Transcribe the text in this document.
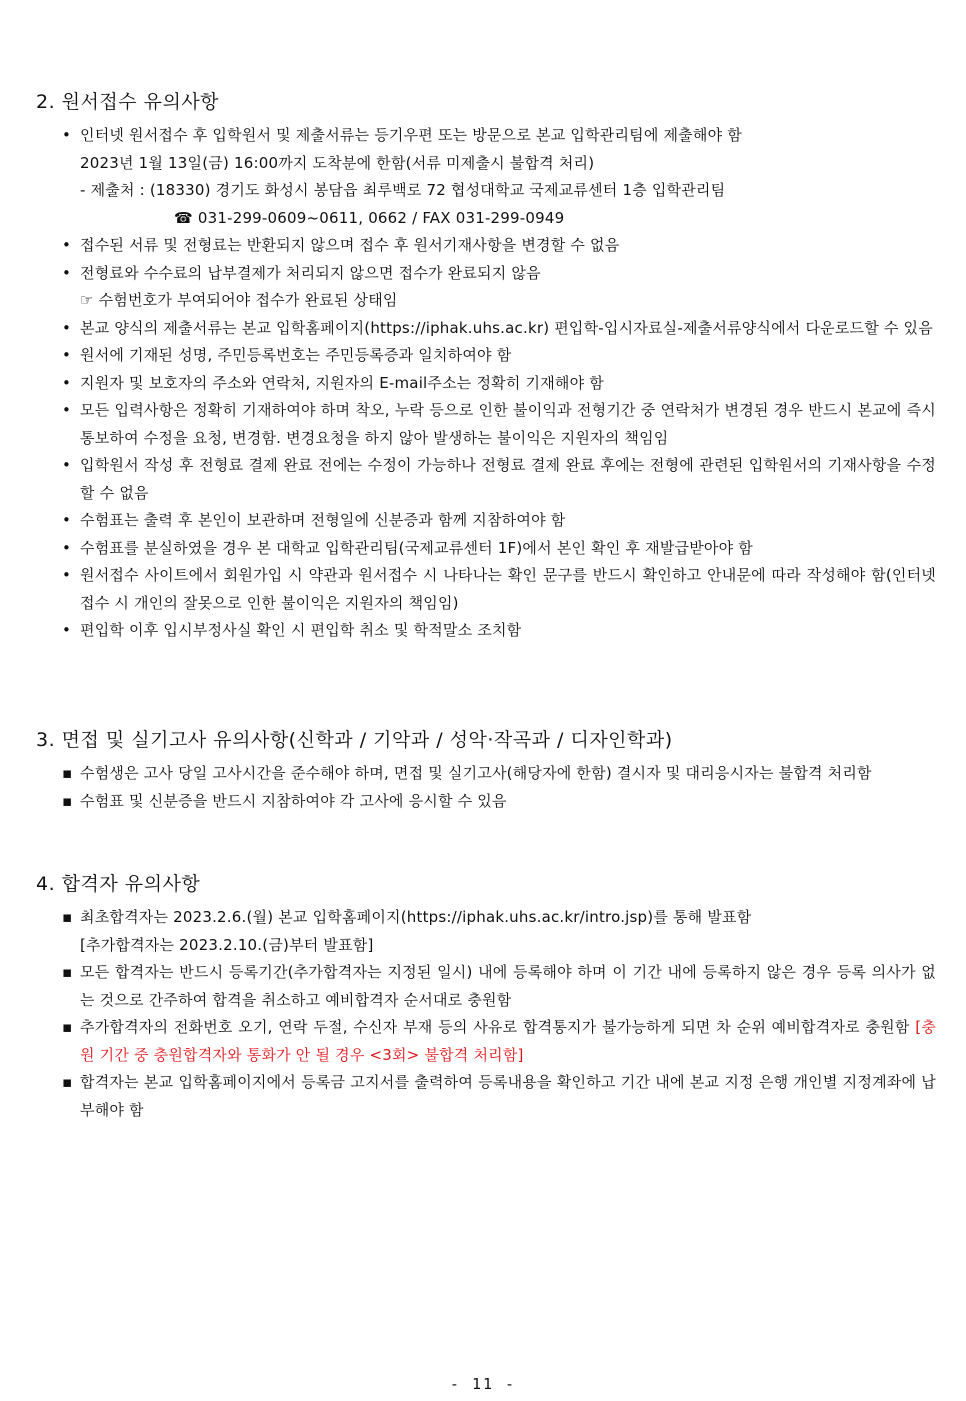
2. 원서접수 유의사항
• 인터넷 원서접수 후 입학원서 및 제출서류는 등기우편 또는 방문으로 본교 입학관리팀에 제출해야 함
2023년 1월 13일(금) 16:00까지 도착분에 한함(서류 미제출시 불합격 처리)
- 제출처 : (18330) 경기도 화성시 봉담읍 최루백로 72 협성대학교 국제교류센터 1층 입학관리팀
☎ 031-299-0609~0611, 0662 / FAX 031-299-0949
• 접수된 서류 및 전형료는 반환되지 않으며 접수 후 원서기재사항을 변경할 수 없음
• 전형료와 수수료의 납부결제가 처리되지 않으면 접수가 완료되지 않음
☞ 수험번호가 부여되어야 접수가 완료된 상태임
• 본교 양식의 제출서류는 본교 입학홈페이지(https://iphak.uhs.ac.kr) 편입학-입시자료실-제출서류양식에서 다운로드할 수 있음
• 원서에 기재된 성명, 주민등록번호는 주민등록증과 일치하여야 함
• 지원자 및 보호자의 주소와 연락처, 지원자의 E-mail주소는 정확히 기재해야 함
• 모든 입력사항은 정확히 기재하여야 하며 착오, 누락 등으로 인한 불이익과 전형기간 중 연락처가 변경된 경우 반드시 본교에 즉시 통보하여 수정을 요청, 변경함. 변경요청을 하지 않아 발생하는 불이익은 지원자의 책임임
• 입학원서 작성 후 전형료 결제 완료 전에는 수정이 가능하나 전형료 결제 완료 후에는 전형에 관련된 입학원서의 기재사항을 수정할 수 없음
• 수험표는 출력 후 본인이 보관하며 전형일에 신분증과 함께 지참하여야 함
• 수험표를 분실하였을 경우 본 대학교 입학관리팀(국제교류센터 1F)에서 본인 확인 후 재발급받아야 함
• 원서접수 사이트에서 회원가입 시 약관과 원서접수 시 나타나는 확인 문구를 반드시 확인하고 안내문에 따라 작성해야 함(인터넷 접수 시 개인의 잘못으로 인한 불이익은 지원자의 책임임)
• 편입학 이후 입시부정사실 확인 시 편입학 취소 및 학적말소 조치함
3. 면접 및 실기고사 유의사항(신학과 / 기악과 / 성악·작곡과 / 디자인학과)
▪ 수험생은 고사 당일 고사시간을 준수해야 하며, 면접 및 실기고사(해당자에 한함) 결시자 및 대리응시자는 불합격 처리함
▪ 수험표 및 신분증을 반드시 지참하여야 각 고사에 응시할 수 있음
4. 합격자 유의사항
▪ 최초합격자는 2023.2.6.(월) 본교 입학홈페이지(https://iphak.uhs.ac.kr/intro.jsp)를 통해 발표함
[추가합격자는 2023.2.10.(금)부터 발표함]
▪ 모든 합격자는 반드시 등록기간(추가합격자는 지정된 일시) 내에 등록해야 하며 이 기간 내에 등록하지 않은 경우 등록 의사가 없는 것으로 간주하여 합격을 취소하고 예비합격자 순서대로 충원함
▪ 추가합격자의 전화번호 오기, 연락 두절, 수신자 부재 등의 사유로 합격통지가 불가능하게 되면 차 순위 예비합격자로 충원함 [충원 기간 중 충원합격자와 통화가 안 될 경우 <3회> 불합격 처리함]
▪ 합격자는 본교 입학홈페이지에서 등록금 고지서를 출력하여 등록내용을 확인하고 기간 내에 본교 지정 은행 개인별 지정계좌에 납부해야 함
- 11 -
